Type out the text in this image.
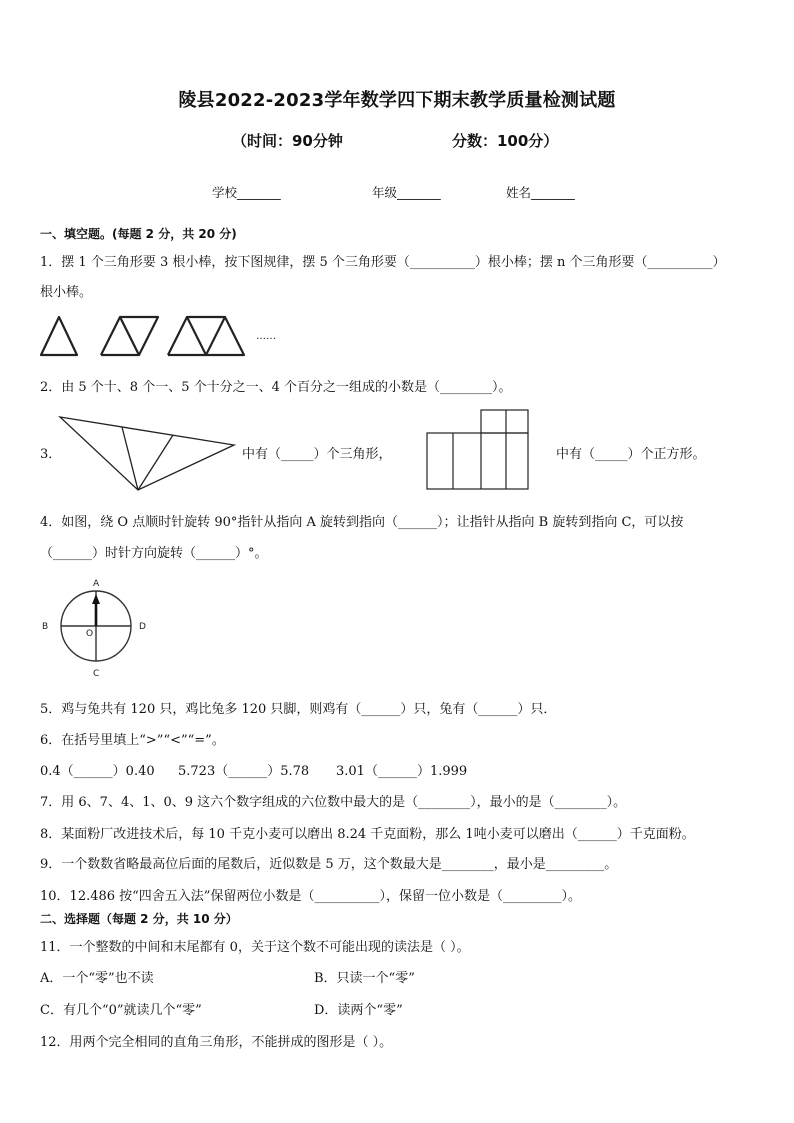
陵县2022-2023学年数学四下期末教学质量检测试题
（时间：90分钟	分数：100分）
学校_______	年级_______	姓名_______
一、填空题。(每题 2 分，共 20 分)
1．摆 1 个三角形要 3 根小棒，按下图规律，摆 5 个三角形要（__________）根小棒；摆 n 个三角形要（__________）
根小棒。
……
2．由 5 个十、8 个一、5 个十分之一、4 个百分之一组成的小数是（________）。
3．	中有（_____）个三角形，	中有（_____）个正方形。
4．如图，绕 O 点顺时针旋转 90°指针从指向 A 旋转到指向（______）；让指针从指向 B 旋转到指向 C，可以按
（______）时针方向旋转（______）°。
A
B
C
D
O
5．鸡与兔共有 120 只，鸡比兔多 120 只脚，则鸡有（______）只，兔有（______）只．
6．在括号里填上“>”“<”“=”。
0.4（______）0.40 5.723（______）5.78 3.01（______）1.999
7．用 6、7、4、1、0、9 这六个数字组成的六位数中最大的是（________），最小的是（________）。
8．某面粉厂改进技术后，每 10 千克小麦可以磨出 8.24 千克面粉，那么 1吨小麦可以磨出（______）千克面粉。
9．一个数数省略最高位后面的尾数后，近似数是 5 万，这个数最大是________，最小是_________。
10．12.486 按“四舍五入法”保留两位小数是（__________），保留一位小数是（_________）。
二、选择题（每题 2 分，共 10 分）
11．一个整数的中间和末尾都有 0，关于这个数不可能出现的读法是（ ）。
A．一个“零”也不读	B．只读一个“零”
C．有几个“0”就读几个“零”	D．读两个“零”
12．用两个完全相同的直角三角形，不能拼成的图形是（ ）。
